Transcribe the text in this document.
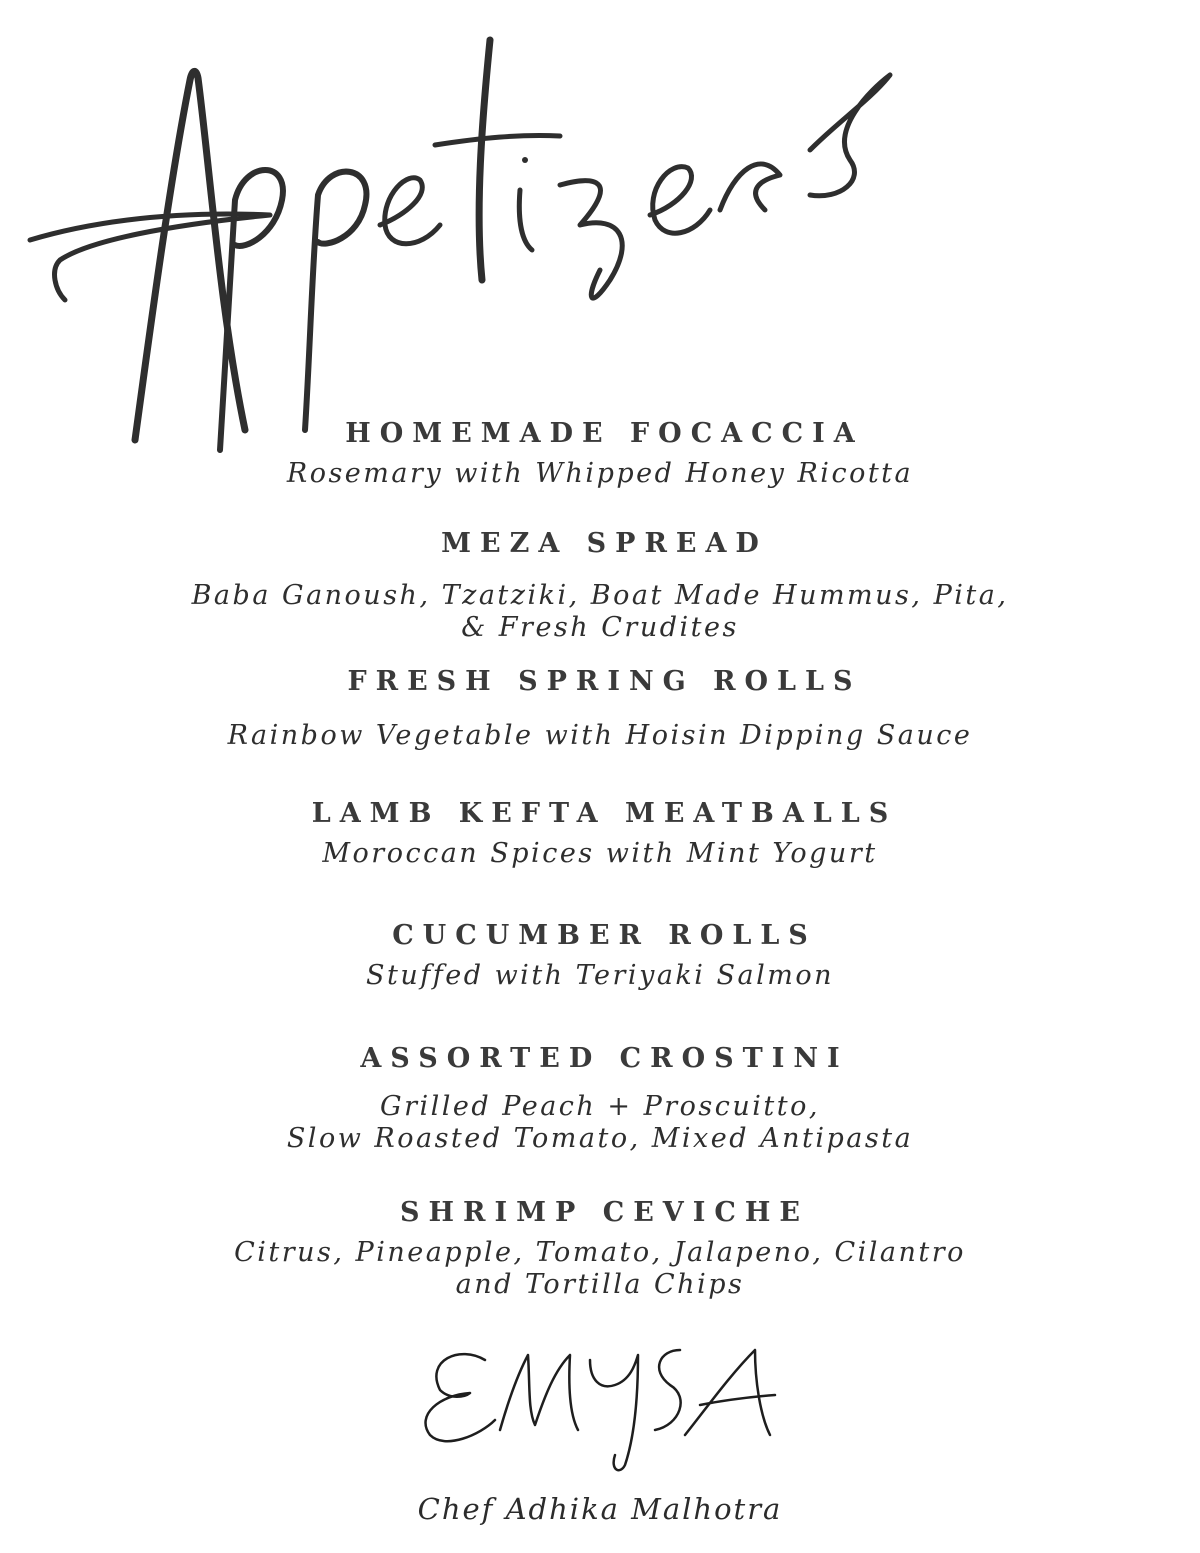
HOMEMADE FOCACCIA
Rosemary with Whipped Honey Ricotta
MEZA SPREAD
Baba Ganoush, Tzatziki, Boat Made Hummus, Pita,
& Fresh Crudites
FRESH SPRING ROLLS
Rainbow Vegetable with Hoisin Dipping Sauce
LAMB KEFTA MEATBALLS
Moroccan Spices with Mint Yogurt
CUCUMBER ROLLS
Stuffed with Teriyaki Salmon
ASSORTED CROSTINI
Grilled Peach + Proscuitto,
Slow Roasted Tomato, Mixed Antipasta
SHRIMP CEVICHE
Citrus, Pineapple, Tomato, Jalapeno, Cilantro
and Tortilla Chips
Chef Adhika Malhotra
